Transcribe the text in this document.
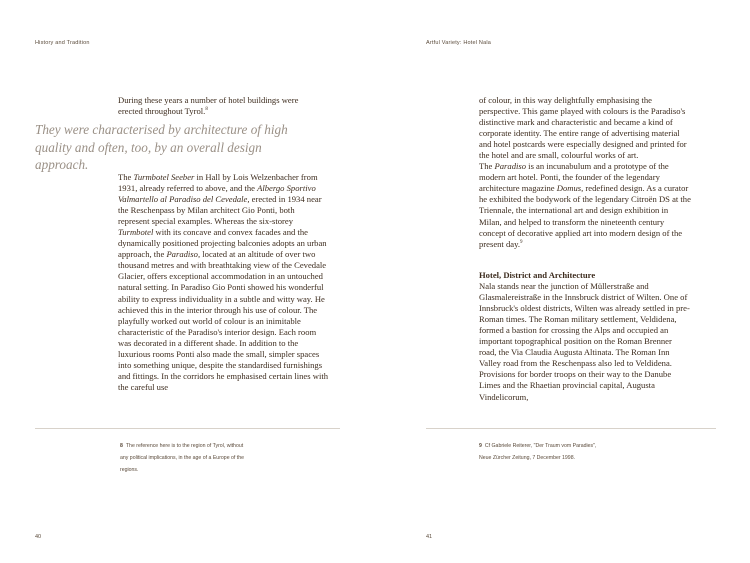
History and Tradition

During these years a number of hotel buildings were erected throughout Tyrol.$^8$

They were characterised by architecture of high quality and often, too, by an overall design approach.

The Turmbotel Seeber in Hall by Lois Welzenbacher from 1931, already referred to above, and the Albergo Sportivo Valmartello al Paradiso del Cevedale, erected in 1934 near the Reschenpass by Milan architect Gio Ponti, both represent special examples. Whereas the six-storey Turmbotel with its concave and convex facades and the dynamically positioned projecting balconies adopts an urban approach, the Paradiso, located at an altitude of over two thousand metres and with breathtaking view of the Cevedale Glacier, offers exceptional accommodation in an untouched natural setting. In Paradiso Gio Ponti showed his wonderful ability to express individuality in a subtle and witty way. He achieved this in the interior through his use of colour. The playfully worked out world of colour is an inimitable characteristic of the Paradiso's interior design. Each room was decorated in a different shade. In addition to the luxurious rooms Ponti also made the small, simpler spaces into something unique, despite the standardised furnishings and fittings. In the corridors he emphasised certain lines with the careful use

8 The reference here is to the region of Tyrol, without any political implications, in the age of a Europe of the regions.
40
Artful Variety: Hotel Nala

of colour, in this way delightfully emphasising the perspective. This game played with colours is the Paradiso's distinctive mark and characteristic and became a kind of corporate identity. The entire range of advertising material and hotel postcards were especially designed and printed for the hotel and are small, colourful works of art.

The Paradiso is an incunabulum and a prototype of the modern art hotel. Ponti, the founder of the legendary architecture magazine Domus, redefined design. As a curator he exhibited the bodywork of the legendary Citroën DS at the Triennale, the international art and design exhibition in Milan, and helped to transform the nineteenth century concept of decorative applied art into modern design of the present day.$^9$

Hotel, District and Architecture

Nala stands near the junction of Müllerstraße and Glasmalereistraße in the Innsbruck district of Wilten. One of Innsbruck's oldest districts, Wilten was already settled in pre-Roman times. The Roman military settlement, Veldidena, formed a bastion for crossing the Alps and occupied an important topographical position on the Roman Brenner road, the Via Claudia Augusta Altinata. The Roman Inn Valley road from the Reschenpass also led to Veldidena. Provisions for border troops on their way to the Danube Limes and the Rhaetian provincial capital, Augusta Vindelicorum,

9 Cf Gabriele Reiterer, "Der Traum vom Paradies", Neue Zürcher Zeitung, 7 December 1998.
41
